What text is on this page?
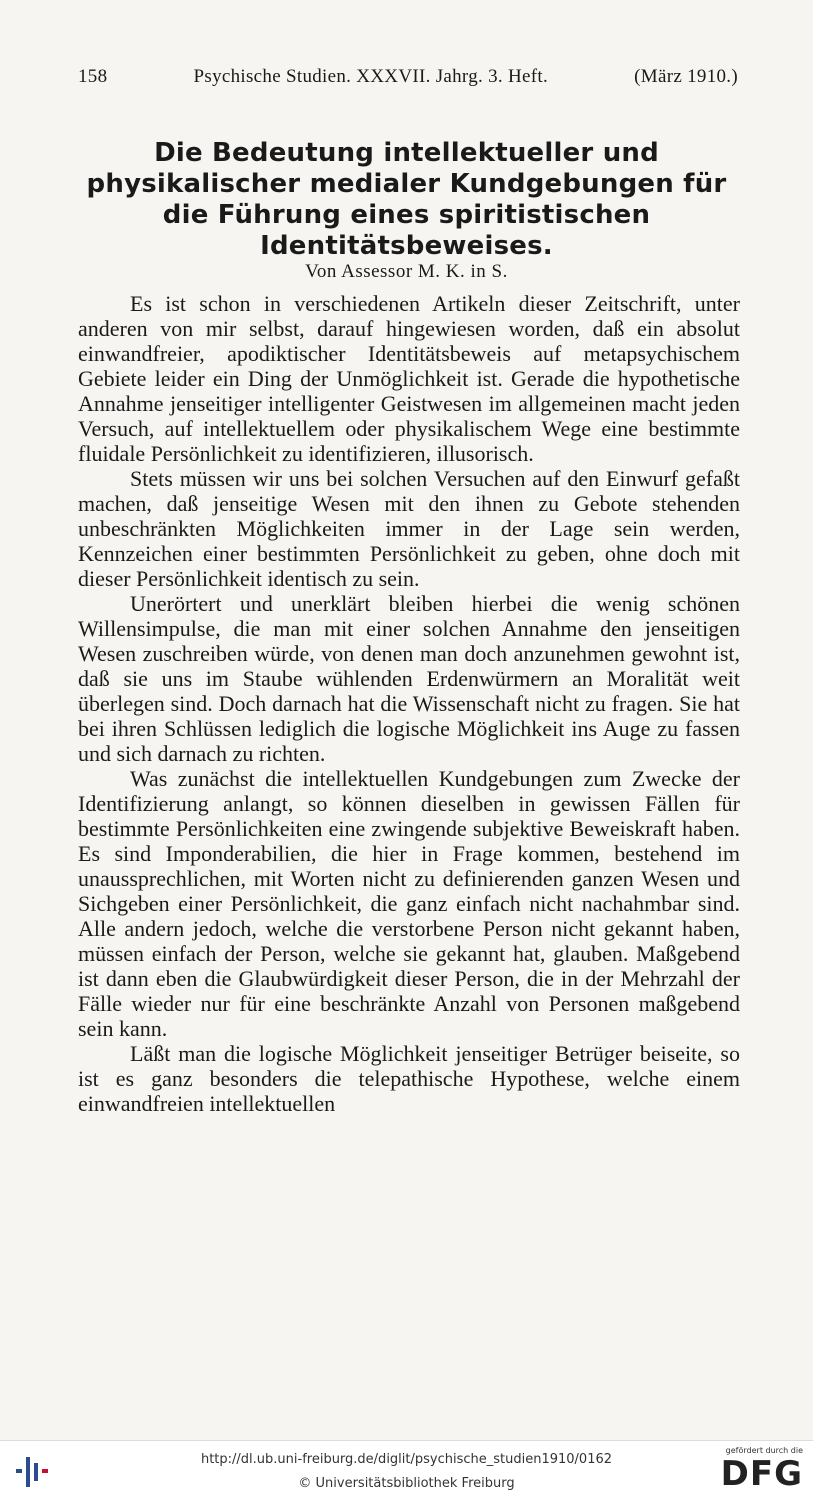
158	Psychische Studien. XXXVII. Jahrg. 3. Heft.	(März 1910.)
Die Bedeutung intellektueller und physikalischer medialer Kundgebungen für die Führung eines spiritistischen Identitätsbeweises.
Von Assessor M. K. in S.

Es ist schon in verschiedenen Artikeln dieser Zeitschrift, unter anderen von mir selbst, darauf hingewiesen worden, daß ein absolut einwandfreier, apodiktischer Identitätsbeweis auf metapsychischem Gebiete leider ein Ding der Unmöglichkeit ist. Gerade die hypothetische Annahme jenseitiger intelligenter Geistwesen im allgemeinen macht jeden Versuch, auf intellektuellem oder physikalischem Wege eine bestimmte fluidale Persönlichkeit zu identifizieren, illusorisch.

Stets müssen wir uns bei solchen Versuchen auf den Einwurf gefaßt machen, daß jenseitige Wesen mit den ihnen zu Gebote stehenden unbeschränkten Möglichkeiten immer in der Lage sein werden, Kennzeichen einer bestimmten Persönlichkeit zu geben, ohne doch mit dieser Persönlichkeit identisch zu sein.

Unerörtert und unerklärt bleiben hierbei die wenig schönen Willensimpulse, die man mit einer solchen Annahme den jenseitigen Wesen zuschreiben würde, von denen man doch anzunehmen gewohnt ist, daß sie uns im Staube wühlenden Erdenwürmern an Moralität weit überlegen sind. Doch darnach hat die Wissenschaft nicht zu fragen. Sie hat bei ihren Schlüssen lediglich die logische Möglichkeit ins Auge zu fassen und sich darnach zu richten.

Was zunächst die intellektuellen Kundgebungen zum Zwecke der Identifizierung anlangt, so können dieselben in gewissen Fällen für bestimmte Persönlichkeiten eine zwingende subjektive Beweiskraft haben. Es sind Imponderabilien, die hier in Frage kommen, bestehend im unaussprechlichen, mit Worten nicht zu definierenden ganzen Wesen und Sichgeben einer Persönlichkeit, die ganz einfach nicht nachahmbar sind. Alle andern jedoch, welche die verstorbene Person nicht gekannt haben, müssen einfach der Person, welche sie gekannt hat, glauben. Maßgebend ist dann eben die Glaubwürdigkeit dieser Person, die in der Mehrzahl der Fälle wieder nur für eine beschränkte Anzahl von Personen maßgebend sein kann.

Läßt man die logische Möglichkeit jenseitiger Betrüger beiseite, so ist es ganz besonders die telepathische Hypothese, welche einem einwandfreien intellektuellen

http://dl.ub.uni-freiburg.de/diglit/psychische_studien1910/0162
© Universitätsbibliothek Freiburg
gefördert durch die
DFG
